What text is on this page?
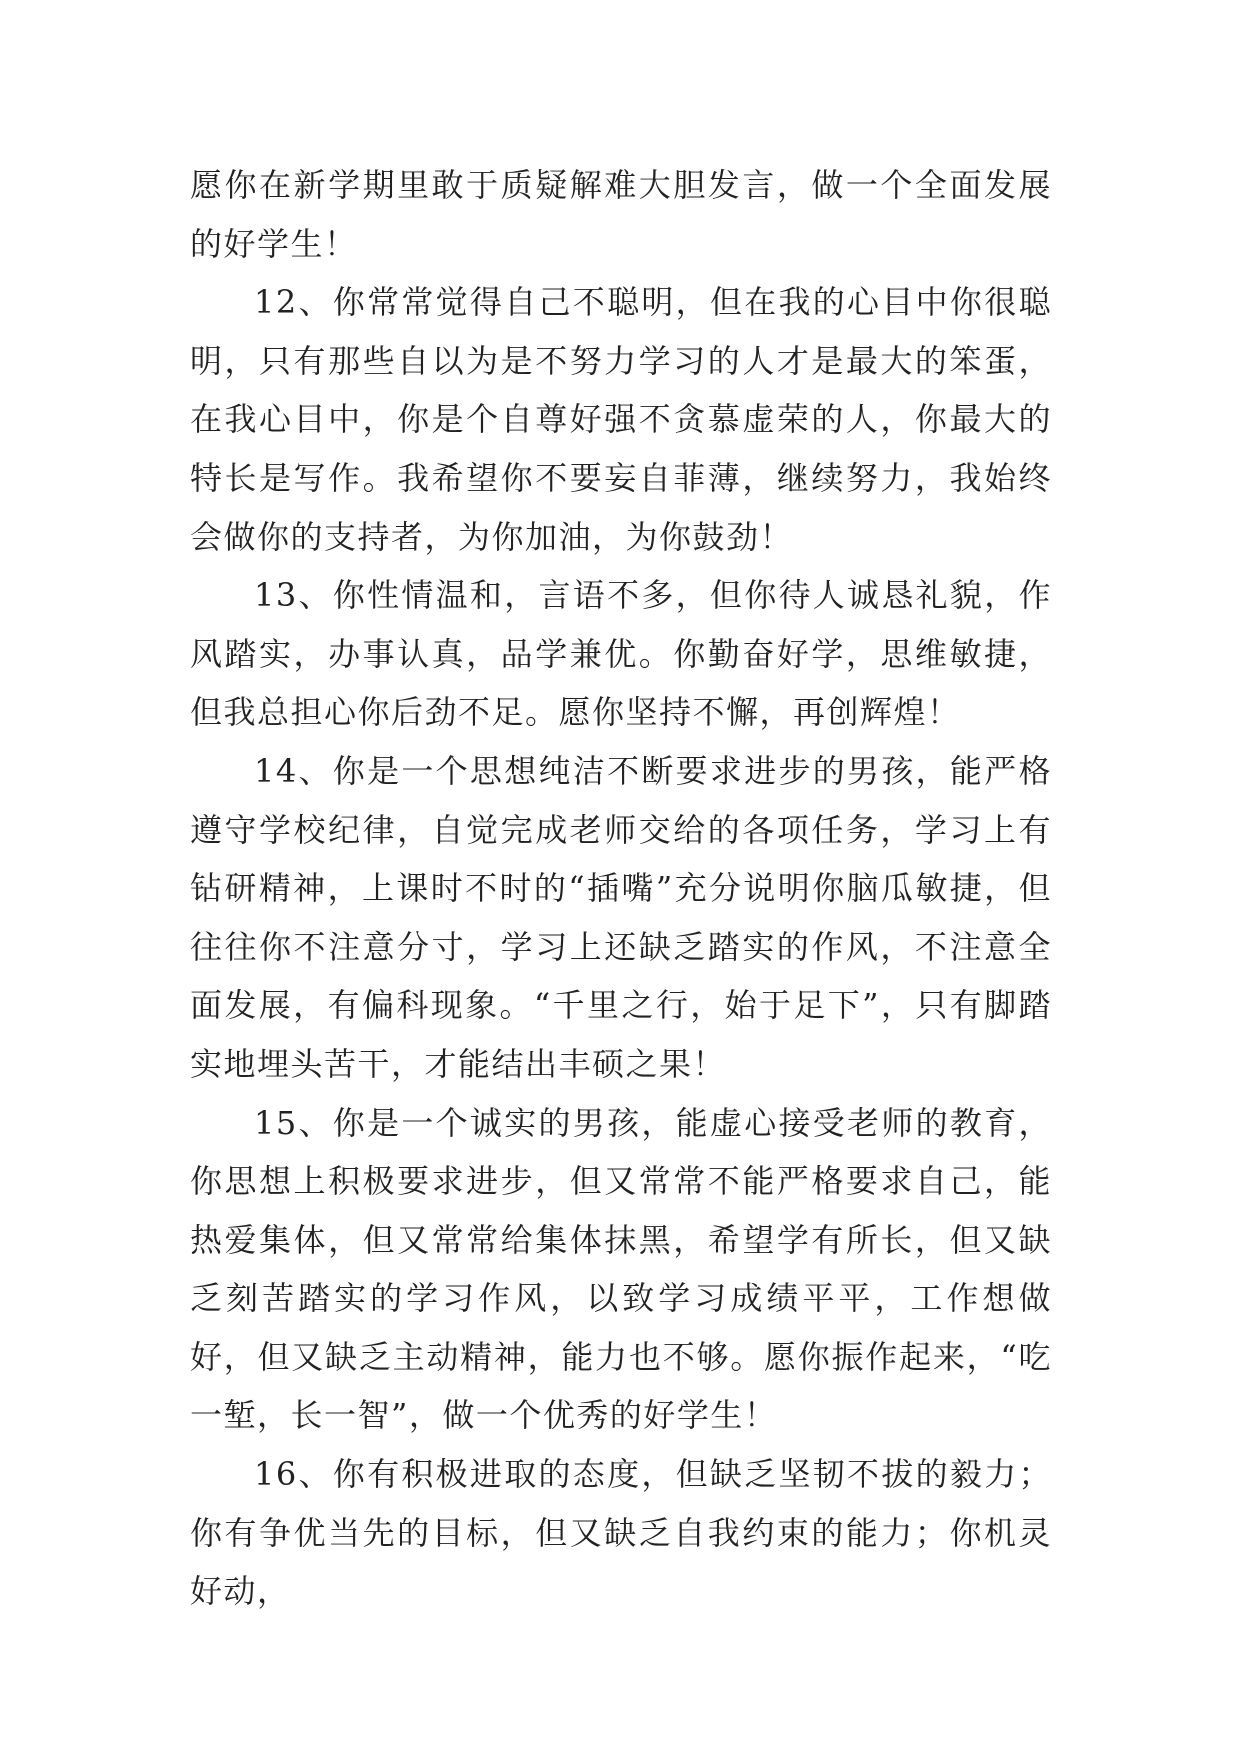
愿你在新学期里敢于质疑解难大胆发言，做一个全面发展的好学生！

12、你常常觉得自己不聪明，但在我的心目中你很聪明，只有那些自以为是不努力学习的人才是最大的笨蛋，在我心目中，你是个自尊好强不贪慕虚荣的人，你最大的特长是写作。我希望你不要妄自菲薄，继续努力，我始终会做你的支持者，为你加油，为你鼓劲！

13、你性情温和，言语不多，但你待人诚恳礼貌，作风踏实，办事认真，品学兼优。你勤奋好学，思维敏捷，但我总担心你后劲不足。愿你坚持不懈，再创辉煌！

14、你是一个思想纯洁不断要求进步的男孩，能严格遵守学校纪律，自觉完成老师交给的各项任务，学习上有钻研精神，上课时不时的“插嘴”充分说明你脑瓜敏捷，但往往你不注意分寸，学习上还缺乏踏实的作风，不注意全面发展，有偏科现象。“千里之行，始于足下”，只有脚踏实地埋头苦干，才能结出丰硕之果！

15、你是一个诚实的男孩，能虚心接受老师的教育，你思想上积极要求进步，但又常常不能严格要求自己，能热爱集体，但又常常给集体抹黑，希望学有所长，但又缺乏刻苦踏实的学习作风，以致学习成绩平平，工作想做好，但又缺乏主动精神，能力也不够。愿你振作起来，“吃一堑，长一智”，做一个优秀的好学生！

16、你有积极进取的态度，但缺乏坚韧不拔的毅力；你有争优当先的目标，但又缺乏自我约束的能力；你机灵好动，
